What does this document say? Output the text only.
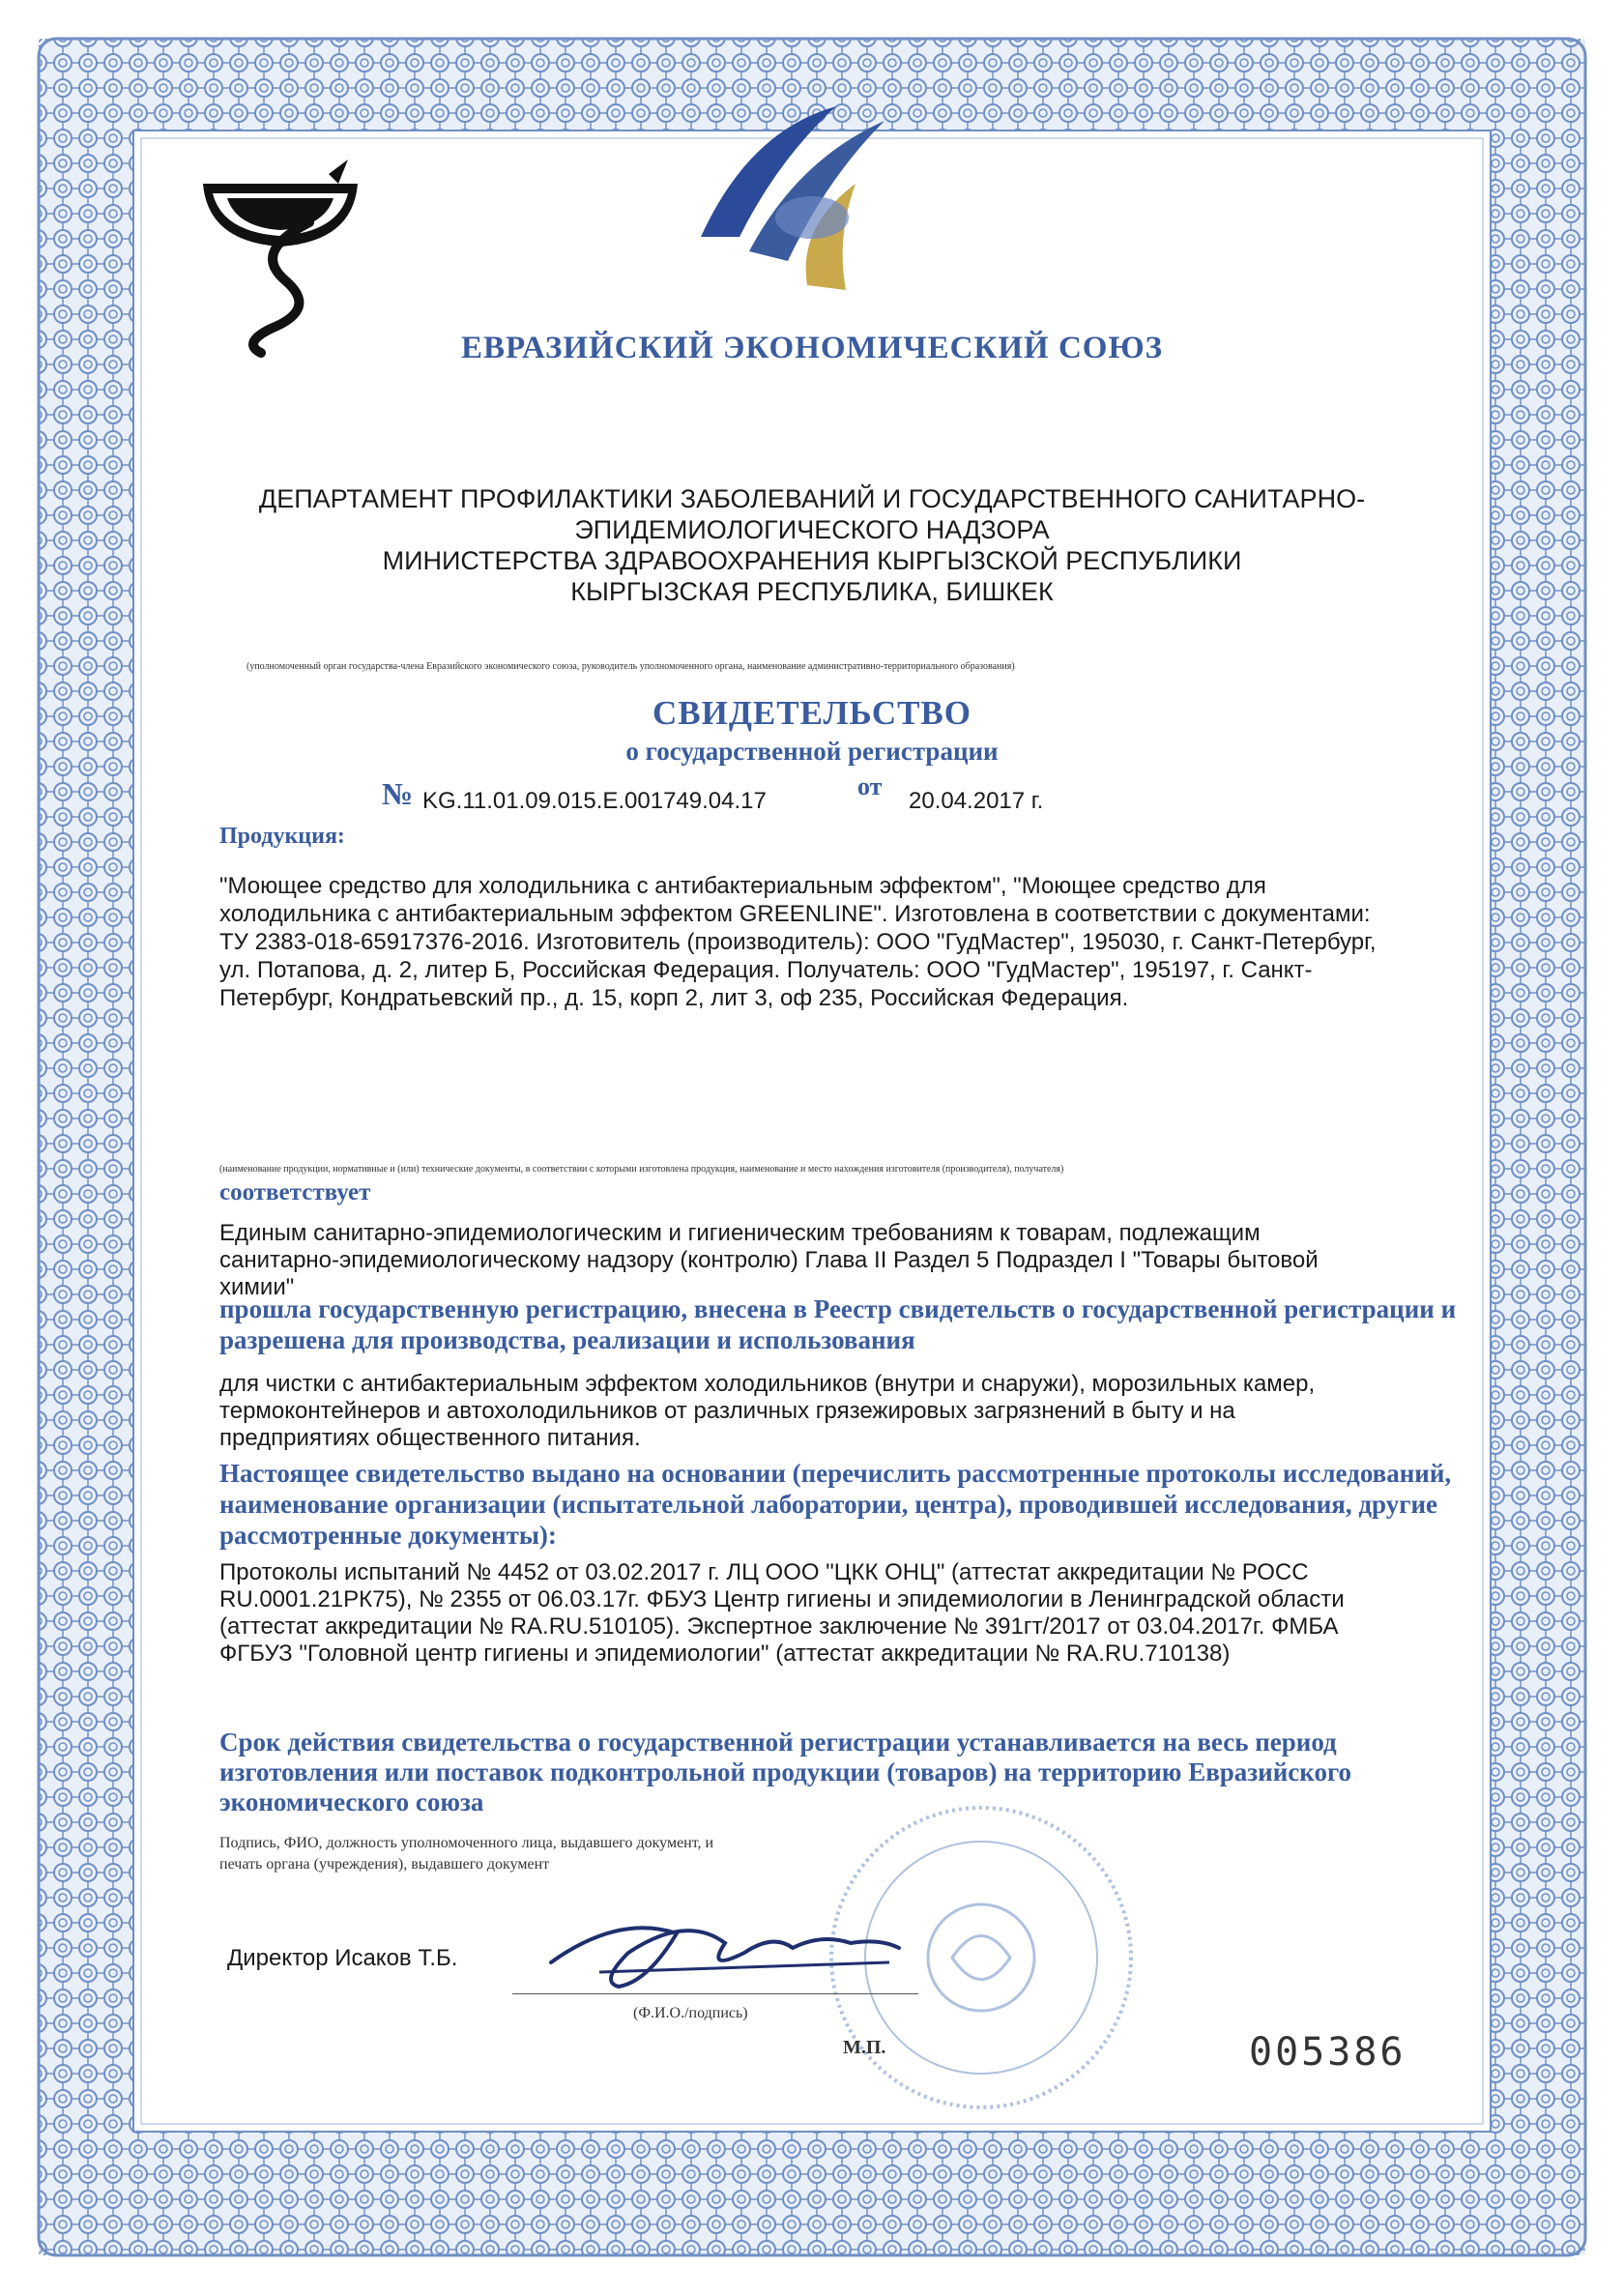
ЕВРАЗИЙСКИЙ ЭКОНОМИЧЕСКИЙ СОЮЗ
ДЕПАРТАМЕНТ ПРОФИЛАКТИКИ ЗАБОЛЕВАНИЙ И ГОСУДАРСТВЕННОГО САНИТАРНО-
ЭПИДЕМИОЛОГИЧЕСКОГО НАДЗОРА
МИНИСТЕРСТВА ЗДРАВООХРАНЕНИЯ КЫРГЫЗСКОЙ РЕСПУБЛИКИ
КЫРГЫЗСКАЯ РЕСПУБЛИКА, БИШКЕК
(уполномоченный орган государства-члена Евразийского экономического союза, руководитель уполномоченного органа, наименование административно-территориального образования)
СВИДЕТЕЛЬСТВО
о государственной регистрации
№ KG.11.01.09.015.E.001749.04.17
от
20.04.2017 г.
Продукция:
"Моющее средство для холодильника с антибактериальным эффектом", "Моющее средство для холодильника с антибактериальным эффектом GREENLINE". Изготовлена в соответствии с документами: ТУ 2383-018-65917376-2016. Изготовитель (производитель): ООО "ГудМастер", 195030, г. Санкт-Петербург, ул. Потапова, д. 2, литер Б, Российская Федерация. Получатель: ООО "ГудМастер", 195197, г. Санкт-Петербург, Кондратьевский пр., д. 15, корп 2, лит 3, оф 235, Российская Федерация.
(наименование продукции, нормативные и (или) технические документы, в соответствии с которыми изготовлена продукция, наименование и место нахождения изготовителя (производителя), получателя)
соответствует
Единым санитарно-эпидемиологическим и гигиеническим требованиям к товарам, подлежащим санитарно-эпидемиологическому надзору (контролю) Глава II Раздел 5 Подраздел I "Товары бытовой химии"
прошла государственную регистрацию, внесена в Реестр свидетельств о государственной регистрации и разрешена для производства, реализации и использования
для чистки с антибактериальным эффектом холодильников (внутри и снаружи), морозильных камер, термоконтейнеров и автохолодильников от различных грязежировых загрязнений в быту и на предприятиях общественного питания.
Настоящее свидетельство выдано на основании (перечислить рассмотренные протоколы исследований, наименование организации (испытательной лаборатории, центра), проводившей исследования, другие рассмотренные документы):
Протоколы испытаний № 4452 от 03.02.2017 г. ЛЦ ООО "ЦКК ОНЦ" (аттестат аккредитации № РОСС RU.0001.21РК75), № 2355 от 06.03.17г. ФБУЗ Центр гигиены и эпидемиологии в Ленинградской области (аттестат аккредитации № RA.RU.510105). Экспертное заключение № 391гт/2017 от 03.04.2017г. ФМБА ФГБУЗ "Головной центр гигиены и эпидемиологии" (аттестат аккредитации № RA.RU.710138)
Срок действия свидетельства о государственной регистрации устанавливается на весь период изготовления или поставок подконтрольной продукции (товаров) на территорию Евразийского экономического союза
Подпись, ФИО, должность уполномоченного лица, выдавшего документ, и печать органа (учреждения), выдавшего документ
Директор Исаков Т.Б.
(Ф.И.О./подпись)
М.П.	005386
